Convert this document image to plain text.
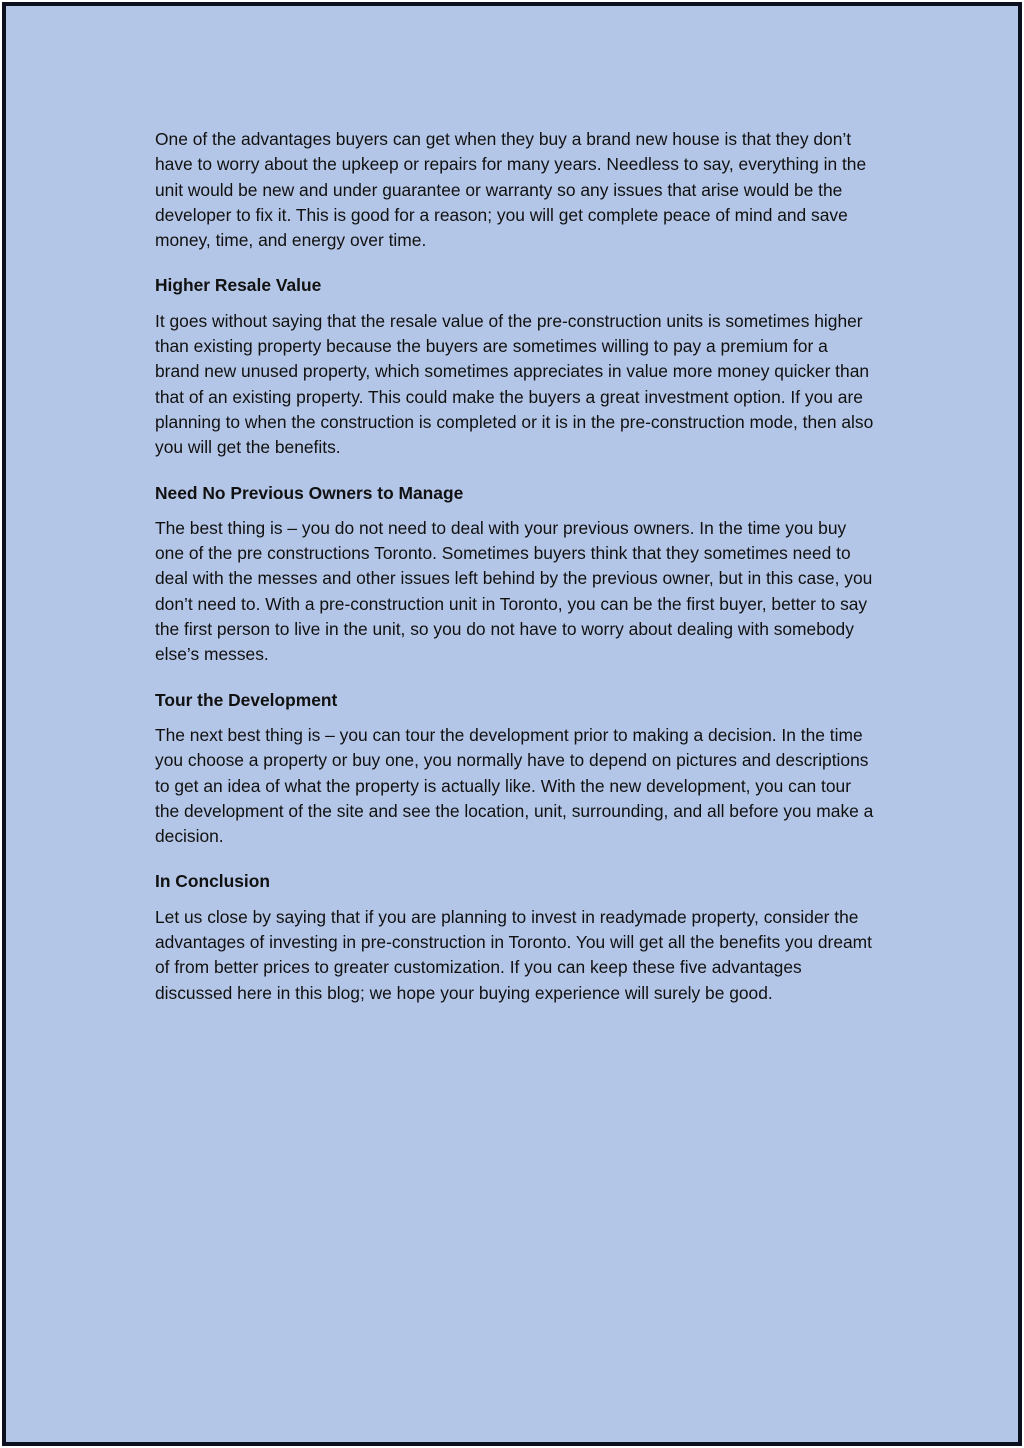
One of the advantages buyers can get when they buy a brand new house is that they don’t have to worry about the upkeep or repairs for many years. Needless to say, everything in the unit would be new and under guarantee or warranty so any issues that arise would be the developer to fix it. This is good for a reason; you will get complete peace of mind and save money, time, and energy over time.

Higher Resale Value

It goes without saying that the resale value of the pre-construction units is sometimes higher than existing property because the buyers are sometimes willing to pay a premium for a brand new unused property, which sometimes appreciates in value more money quicker than that of an existing property. This could make the buyers a great investment option. If you are planning to when the construction is completed or it is in the pre-construction mode, then also you will get the benefits.

Need No Previous Owners to Manage

The best thing is – you do not need to deal with your previous owners. In the time you buy one of the pre constructions Toronto. Sometimes buyers think that they sometimes need to deal with the messes and other issues left behind by the previous owner, but in this case, you don’t need to. With a pre-construction unit in Toronto, you can be the first buyer, better to say the first person to live in the unit, so you do not have to worry about dealing with somebody else’s messes.

Tour the Development

The next best thing is – you can tour the development prior to making a decision. In the time you choose a property or buy one, you normally have to depend on pictures and descriptions to get an idea of what the property is actually like. With the new development, you can tour the development of the site and see the location, unit, surrounding, and all before you make a decision.

In Conclusion

Let us close by saying that if you are planning to invest in readymade property, consider the advantages of investing in pre-construction in Toronto. You will get all the benefits you dreamt of from better prices to greater customization. If you can keep these five advantages discussed here in this blog; we hope your buying experience will surely be good.
